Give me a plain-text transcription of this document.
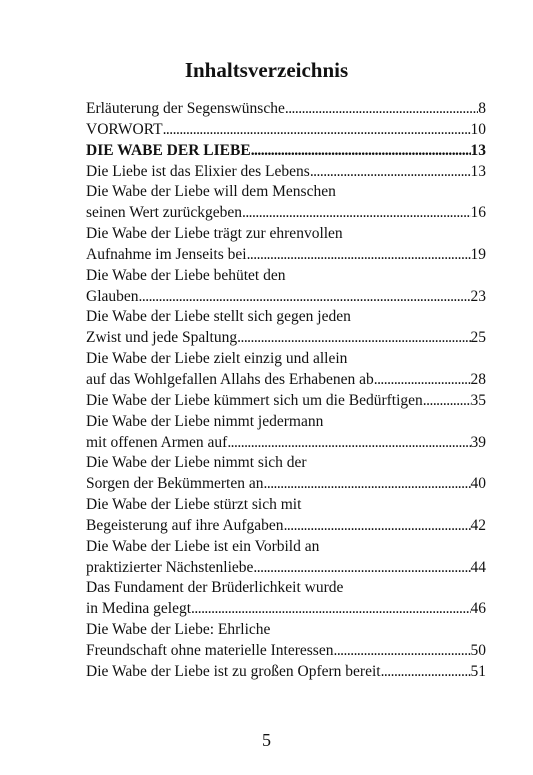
Inhaltsverzeichnis
Erläuterung der Segenswünsche . . .	8
VORWORT . . .	10
DIE WABE DER LIEBE . . .	13
Die Liebe ist das Elixier des Lebens . . .	13
Die Wabe der Liebe will dem Menschen
seinen Wert zurückgeben . . .	16
Die Wabe der Liebe trägt zur ehrenvollen
Aufnahme im Jenseits bei . . .	19
Die Wabe der Liebe behütet den
Glauben . . .	23
Die Wabe der Liebe stellt sich gegen jeden
Zwist und jede Spaltung . . .	25
Die Wabe der Liebe zielt einzig und allein
auf das Wohlgefallen Allahs des Erhabenen ab . . .	28
Die Wabe der Liebe kümmert sich um die Bedürftigen . . .	35
Die Wabe der Liebe nimmt jedermann
mit offenen Armen auf . . .	39
Die Wabe der Liebe nimmt sich der
Sorgen der Bekümmerten an . . .	40
Die Wabe der Liebe stürzt sich mit
Begeisterung auf ihre Aufgaben . . .	42
Die Wabe der Liebe ist ein Vorbild an
praktizierter Nächstenliebe . . .	44
Das Fundament der Brüderlichkeit wurde
in Medina gelegt . . .	46
Die Wabe der Liebe: Ehrliche
Freundschaft ohne materielle Interessen . . .	50
Die Wabe der Liebe ist zu großen Opfern bereit . . .	51
5
